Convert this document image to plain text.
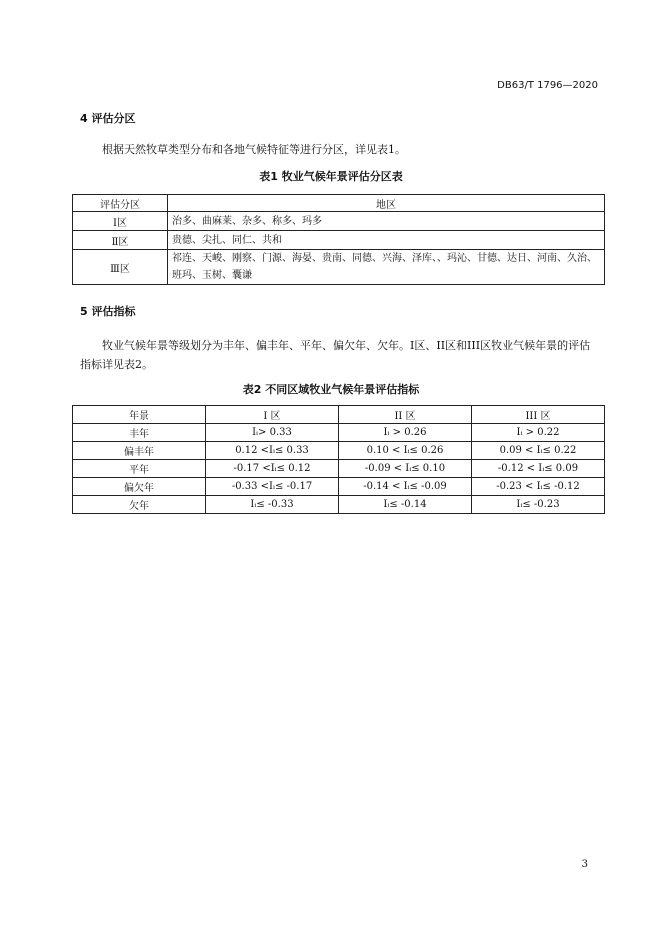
DB63/T 1796—2020
4 评估分区
根据天然牧草类型分布和各地气候特征等进行分区，详见表1。
表1 牧业气候年景评估分区表
评估分区	地区
Ⅰ区	治多、曲麻莱、杂多、称多、玛多
Ⅱ区	贵德、尖扎、同仁、共和
Ⅲ区	祁连、天峻、刚察、门源、海晏、贵南、同德、兴海、泽库、、玛沁、甘德、达日、河南、久治、班玛、玉树、囊谦
5 评估指标
牧业气候年景等级划分为丰年、偏丰年、平年、偏欠年、欠年。I区、II区和III区牧业气候年景的评估指标详见表2。
表2 不同区域牧业气候年景评估指标
年景	I 区	II 区	III 区
丰年	Iᵢ> 0.33	Iᵢ > 0.26	Iᵢ > 0.22
偏丰年	0.12 <Iᵢ≤ 0.33	0.10 < Iᵢ≤ 0.26	0.09 < Iᵢ≤ 0.22
平年	-0.17 <Iᵢ≤ 0.12	-0.09 < Iᵢ≤ 0.10	-0.12 < Iᵢ≤ 0.09
偏欠年	-0.33 <Iᵢ≤ -0.17	-0.14 < Iᵢ≤ -0.09	-0.23 < Iᵢ≤ -0.12
欠年	Iᵢ≤ -0.33	Iᵢ≤ -0.14	Iᵢ≤ -0.23
3
